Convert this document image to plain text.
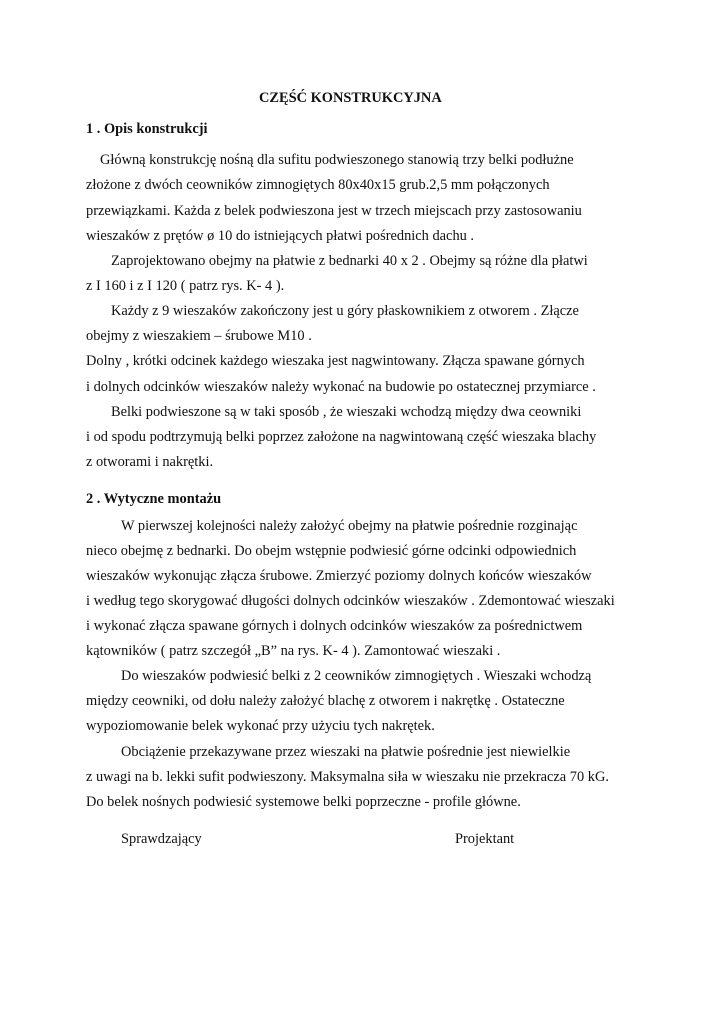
CZĘŚĆ KONSTRUKCYJNA

1 . Opis konstrukcji

Główną konstrukcję nośną dla sufitu podwieszonego stanowią trzy belki podłużne

złożone z dwóch ceowników zimnogiętych 80x40x15 grub.2,5 mm połączonych

przewiązkami. Każda z belek podwieszona jest w trzech miejscach przy zastosowaniu

wieszaków z prętów ø 10 do istniejących płatwi pośrednich dachu .

Zaprojektowano obejmy na płatwie z bednarki 40 x 2 . Obejmy są różne dla płatwi

z I 160 i z I 120 ( patrz rys. K- 4 ).

Każdy z 9 wieszaków zakończony jest u góry płaskownikiem z otworem . Złącze

obejmy z wieszakiem – śrubowe M10 .

Dolny , krótki odcinek każdego wieszaka jest nagwintowany. Złącza spawane górnych

i dolnych odcinków wieszaków należy wykonać na budowie po ostatecznej przymiarce .

Belki podwieszone są w taki sposób , że wieszaki wchodzą między dwa ceowniki

i od spodu podtrzymują belki poprzez założone na nagwintowaną część wieszaka blachy

z otworami i nakrętki.

2 . Wytyczne montażu

W pierwszej kolejności należy założyć obejmy na płatwie pośrednie rozginając

nieco obejmę z bednarki. Do obejm wstępnie podwiesić górne odcinki odpowiednich

wieszaków wykonując złącza śrubowe. Zmierzyć poziomy dolnych końców wieszaków

i według tego skorygować długości dolnych odcinków wieszaków . Zdemontować wieszaki

i wykonać złącza spawane górnych i dolnych odcinków wieszaków za pośrednictwem

kątowników ( patrz szczegół „B” na rys. K- 4 ). Zamontować wieszaki .

Do wieszaków podwiesić belki z 2 ceowników zimnogiętych . Wieszaki wchodzą

między ceowniki, od dołu należy założyć blachę z otworem i nakrętkę . Ostateczne

wypoziomowanie belek wykonać przy użyciu tych nakrętek.

Obciążenie przekazywane przez wieszaki na płatwie pośrednie jest niewielkie

z uwagi na b. lekki sufit podwieszony. Maksymalna siła w wieszaku nie przekracza 70 kG.

Do belek nośnych podwiesić systemowe belki poprzeczne - profile główne.

Sprawdzający	Projektant
